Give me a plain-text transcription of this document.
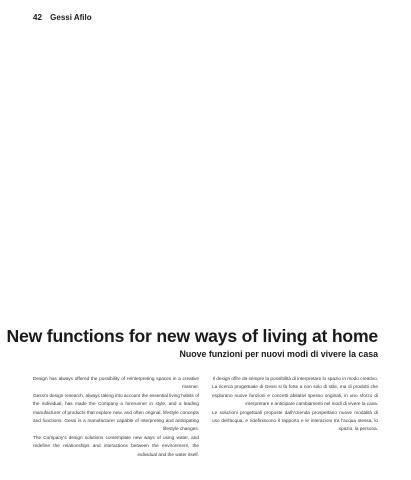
42 Gessi Afilo
New functions for new ways of living at home
Nuove funzioni per nuovi modi di vivere la casa

Design has always offered the possibility of reinterpreting spaces in a creative manner.

Gessi's design research, always taking into account the essential living habits of the individual, has made the Company a forerunner in style, and a leading manufacturer of products that explore new, and often original, lifestyle concepts and functions. Gessi is a manufacturer capable of interpreting and anticipating lifestyle changes.

The Company's design solutions contemplate new ways of using water, and redefine the relationships and interactions between the environment, the individual and the water itself.

Il design offre da sempre la possibilità di interpretare lo spazio in modo creativo.

La ricerca progettuale di Gessi si fa forte a non solo di stile, ma di prodotti che esplorano nuove funzioni e concetti abitativi spesso originali, in uno sforzo di interpretare e anticipare cambiamenti nel modi di vivere la casa.

Le soluzioni progettuali proposte dall'Azienda prospettano nuove modalità di uso dell'acqua, e ridefiniscono il rapporto e le interazioni tra l'acqua stessa, lo spazio, la persona.
